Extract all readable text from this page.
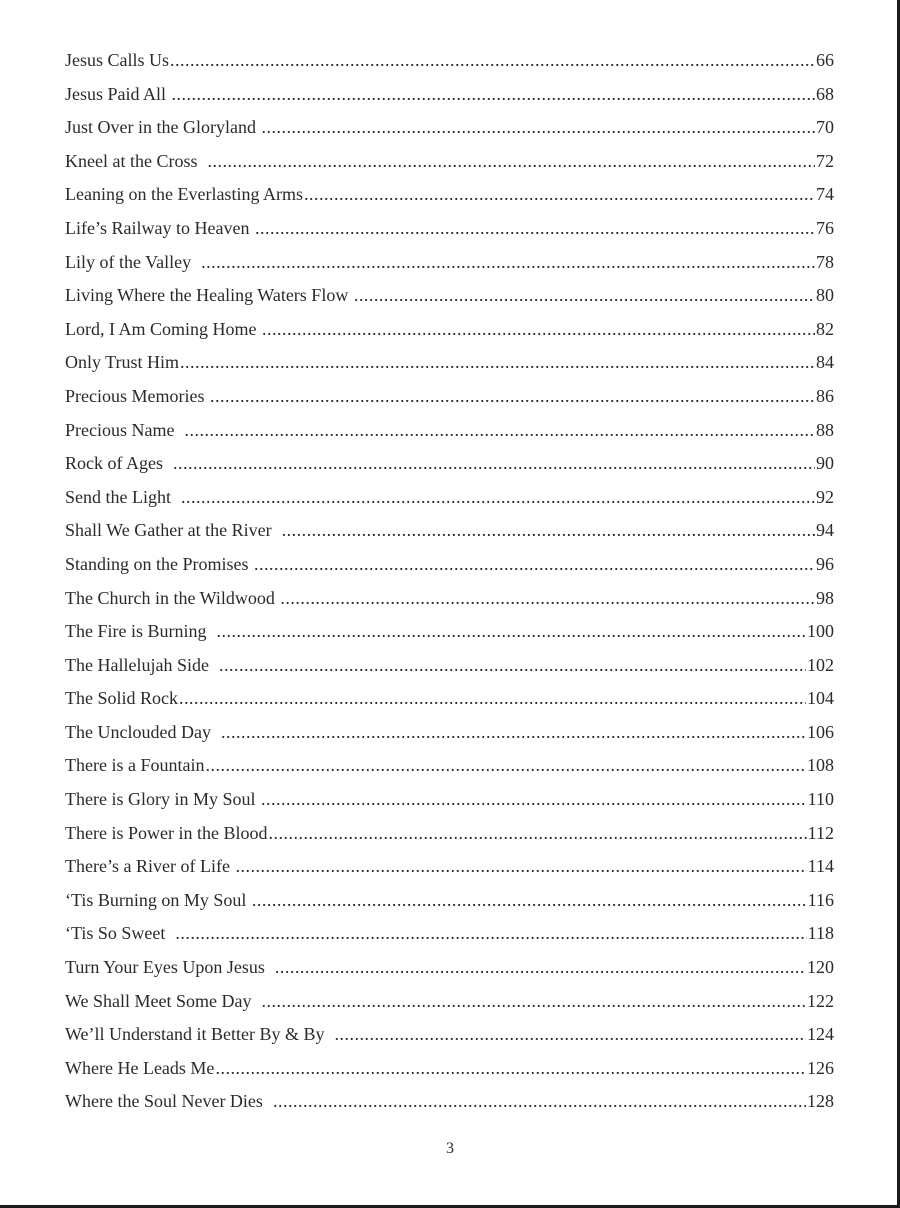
Jesus Calls Us .....	66
Jesus Paid All .....	68
Just Over in the Gloryland .....	70
Kneel at the Cross .....	72
Leaning on the Everlasting Arms .....	74
Life’s Railway to Heaven .....	76
Lily of the Valley .....	78
Living Where the Healing Waters Flow .....	80
Lord, I Am Coming Home .....	82
Only Trust Him .....	84
Precious Memories .....	86
Precious Name .....	88
Rock of Ages .....	90
Send the Light .....	92
Shall We Gather at the River .....	94
Standing on the Promises .....	96
The Church in the Wildwood .....	98
The Fire is Burning .....	100
The Hallelujah Side .....	102
The Solid Rock .....	104
The Unclouded Day .....	106
There is a Fountain .....	108
There is Glory in My Soul .....	110
There is Power in the Blood .....	112
There’s a River of Life .....	114
‘Tis Burning on My Soul .....	116
‘Tis So Sweet .....	118
Turn Your Eyes Upon Jesus .....	120
We Shall Meet Some Day .....	122
We’ll Understand it Better By & By .....	124
Where He Leads Me .....	126
Where the Soul Never Dies .....	128
3
